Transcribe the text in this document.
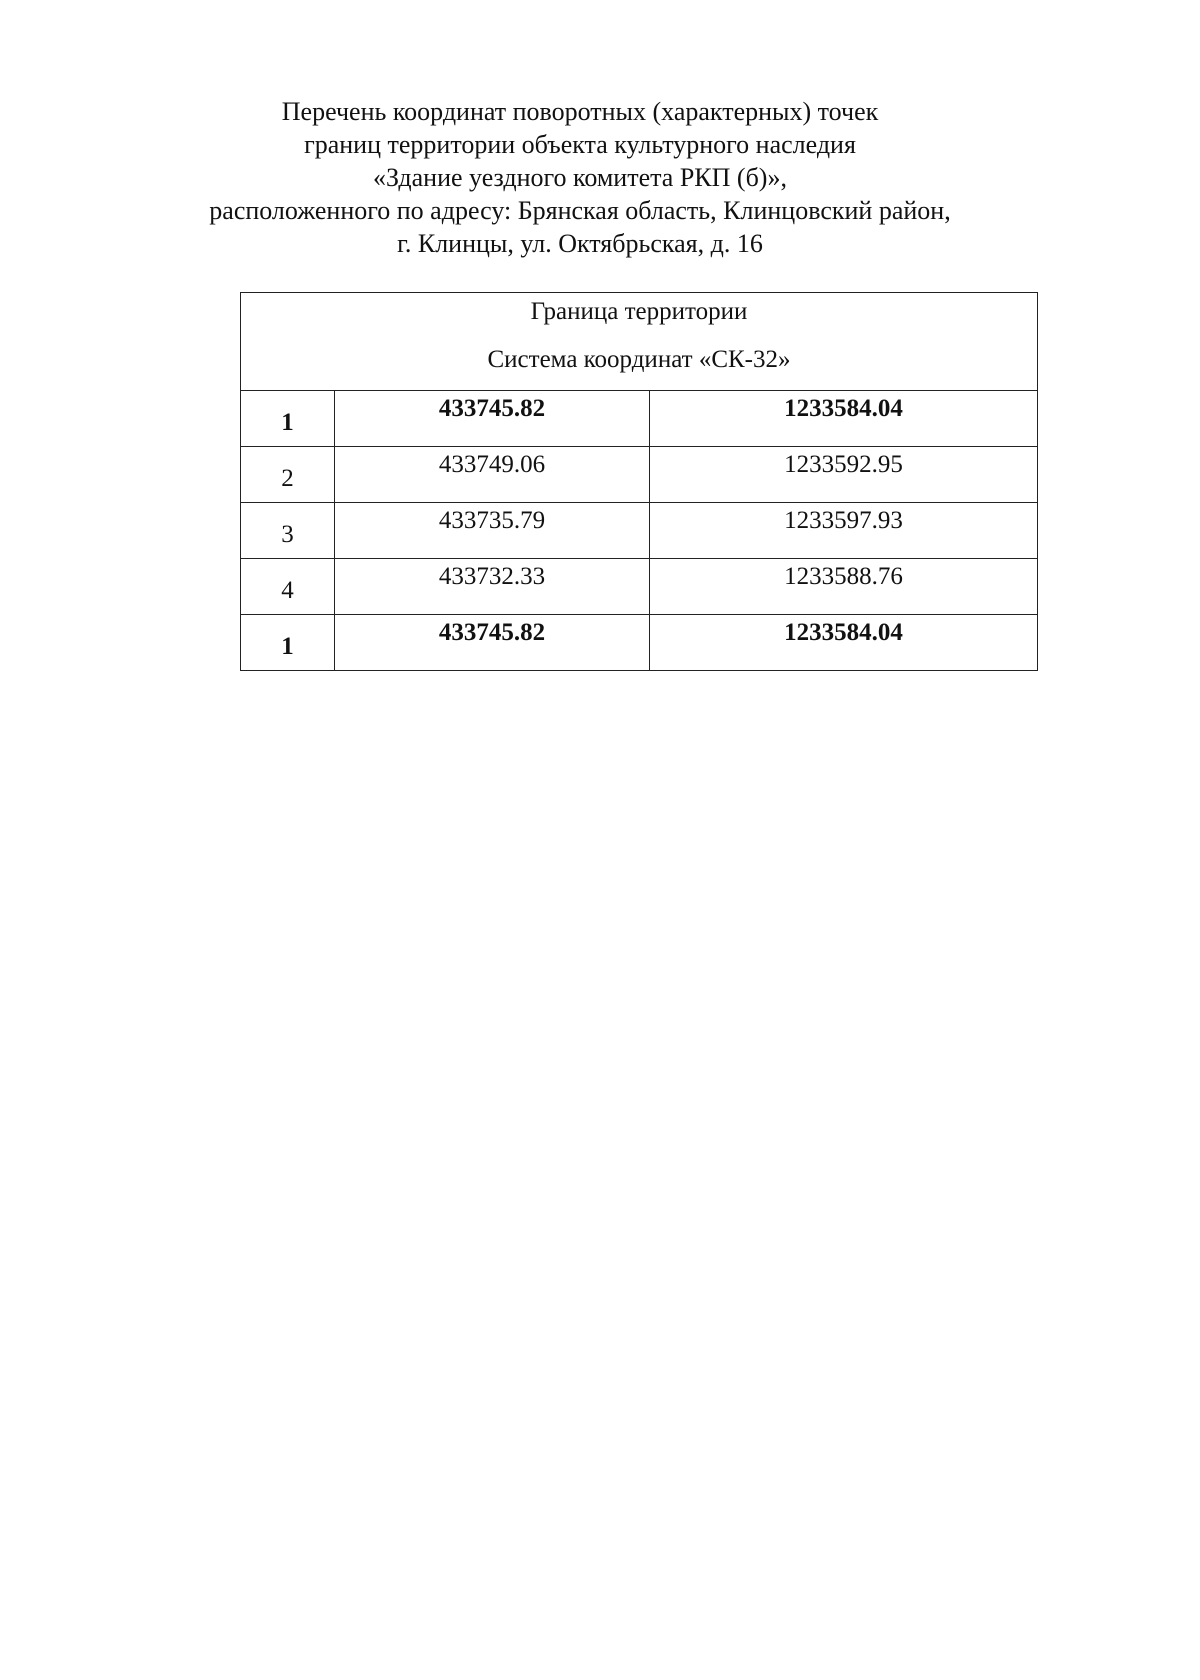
Перечень координат поворотных (характерных) точек
границ территории объекта культурного наследия
«Здание уездного комитета РКП (б)»,
расположенного по адресу: Брянская область, Клинцовский район,
г. Клинцы, ул. Октябрьская, д. 16
Граница территории
Система координат «СК-32»		

1	433745.82	1233584.04
2	433749.06	1233592.95
3	433735.79	1233597.93
4	433732.33	1233588.76
1	433745.82	1233584.04
